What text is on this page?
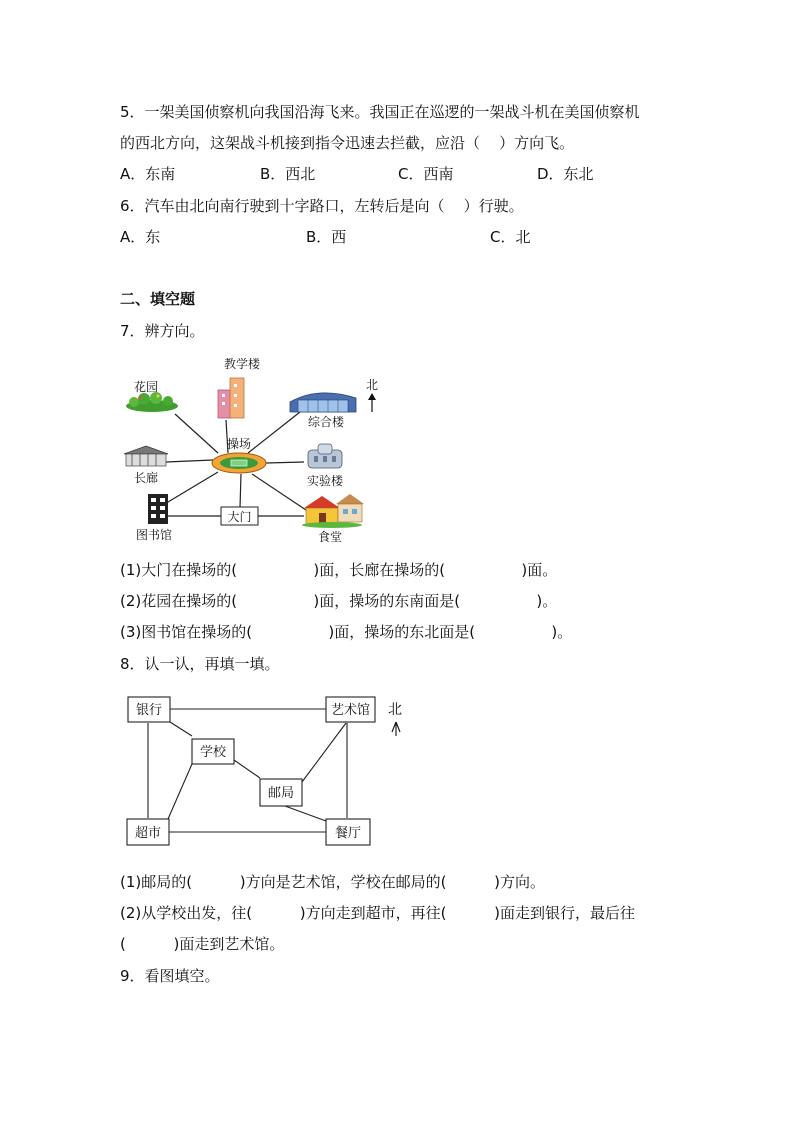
5．一架美国侦察机向我国沿海飞来。我国正在巡逻的一架战斗机在美国侦察机
的西北方向，这架战斗机接到指令迅速去拦截，应沿（    ）方向飞。
A．东南	B．西北	C．西南	D．东北
6．汽车由北向南行驶到十字路口，左转后是向（    ）行驶。
A．东	B．西	C．北
二、填空题
7．辨方向。
操场
教学楼
花园
综合楼
北
长廊	实验楼
图书馆
大门
食堂
(1)大门在操场的(                )面，长廊在操场的(                )面。
(2)花园在操场的(                )面，操场的东南面是(                )。
(3)图书馆在操场的(                )面，操场的东北面是(                )。
8．认一认，再填一填。
银行	艺术馆
学校
邮局
超市	餐厅
北
(1)邮局的(          )方向是艺术馆，学校在邮局的(          )方向。
(2)从学校出发，往(          )方向走到超市，再往(          )面走到银行，最后往
(          )面走到艺术馆。
9．看图填空。
